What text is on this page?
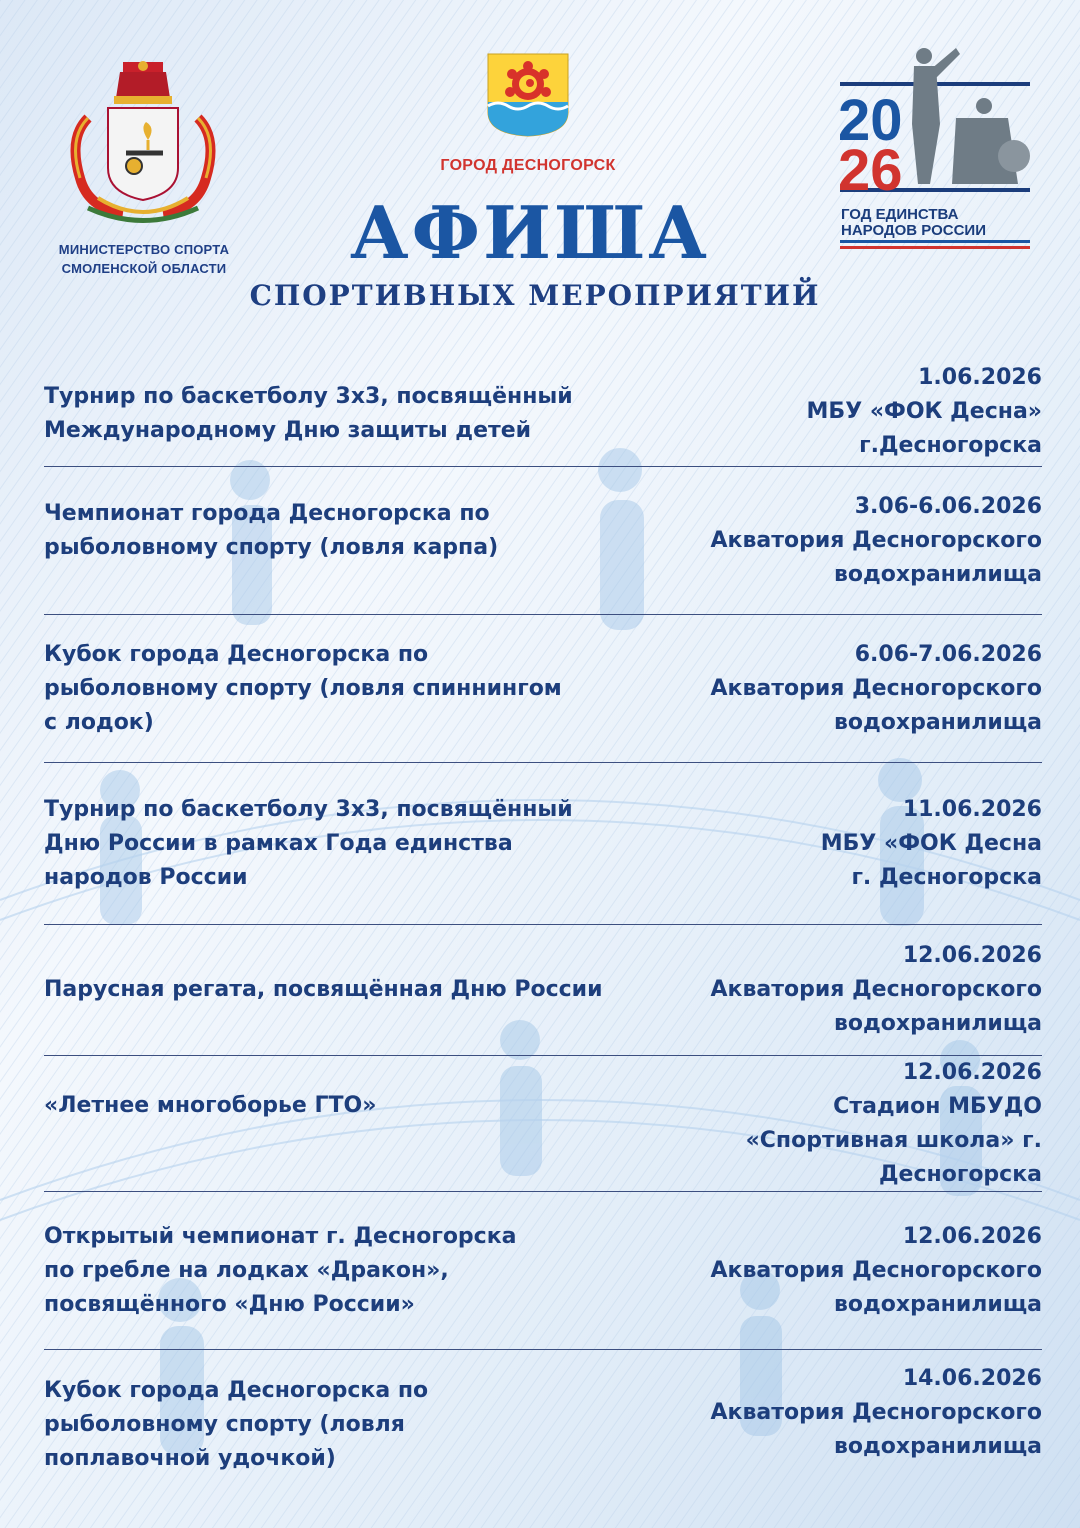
МИНИСТЕРСТВО СПОРТА
СМОЛЕНСКОЙ ОБЛАСТИ
ГОРОД ДЕСНОГОРСК
АФИША
СПОРТИВНЫХ МЕРОПРИЯТИЙ
20
26
ГОД ЕДИНСТВА
НАРОДОВ РОССИИ
Турнир по баскетболу 3х3, посвящённый
Международному Дню защиты детей
1.06.2026
МБУ «ФОК Десна»
г.Десногорска
Чемпионат города Десногорска по
рыболовному спорту (ловля карпа)
3.06-6.06.2026
Акватория Десногорского
водохранилища
Кубок города Десногорска по
рыболовному спорту (ловля спиннингом
с лодок)
6.06-7.06.2026
Акватория Десногорского
водохранилища
Турнир по баскетболу 3х3, посвящённый
Дню России в рамках Года единства
народов России
11.06.2026
МБУ «ФОК Десна
г. Десногорска
Парусная регата, посвящённая Дню России
12.06.2026
Акватория Десногорского
водохранилища
«Летнее многоборье ГТО»
12.06.2026
Стадион МБУДО
«Спортивная школа» г. Десногорска
Открытый чемпионат г. Десногорска
по гребле на лодках «Дракон»,
посвящённого «Дню России»
12.06.2026
Акватория Десногорского
водохранилища
Кубок города Десногорска по
рыболовному спорту (ловля
поплавочной удочкой)
14.06.2026
Акватория Десногорского
водохранилища
